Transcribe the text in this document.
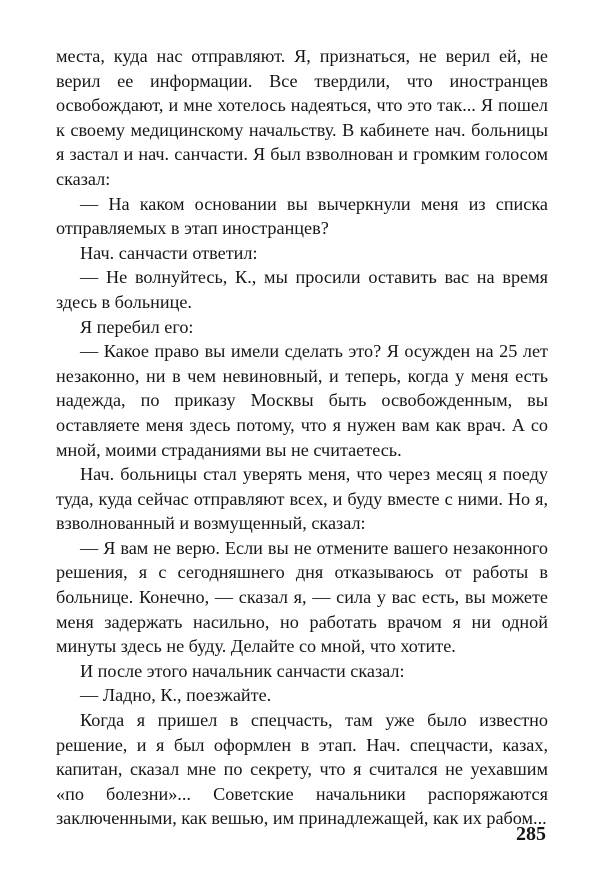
места, куда нас отправляют. Я, признаться, не верил ей, не верил ее информации. Все твердили, что иностранцев освобождают, и мне хотелось надеяться, что это так... Я пошел к своему медицинскому начальству. В кабинете нач. больницы я застал и нач. санчасти. Я был взволнован и громким голосом сказал:

— На каком основании вы вычеркнули меня из списка отправляемых в этап иностранцев?

Нач. санчасти ответил:

— Не волнуйтесь, К., мы просили оставить вас на время здесь в больнице.

Я перебил его:

— Какое право вы имели сделать это? Я осужден на 25 лет незаконно, ни в чем невиновный, и теперь, когда у меня есть надежда, по приказу Москвы быть освобожденным, вы оставляете меня здесь потому, что я нужен вам как врач. А со мной, моими страданиями вы не считаетесь.

Нач. больницы стал уверять меня, что через месяц я поеду туда, куда сейчас отправляют всех, и буду вместе с ними. Но я, взволнованный и возмущенный, сказал:

— Я вам не верю. Если вы не отмените вашего незаконного решения, я с сегодняшнего дня отказываюсь от работы в больнице. Конечно, — сказал я, — сила у вас есть, вы можете меня задержать насильно, но работать врачом я ни одной минуты здесь не буду. Делайте со мной, что хотите.

И после этого начальник санчасти сказал:

— Ладно, К., поезжайте.

Когда я пришел в спецчасть, там уже было известно решение, и я был оформлен в этап. Нач. спецчасти, казах, капитан, сказал мне по секрету, что я считался не уехавшим «по болезни»... Советские начальники распоряжаются заключенными, как вешью, им принадлежащей, как их рабом...

285
